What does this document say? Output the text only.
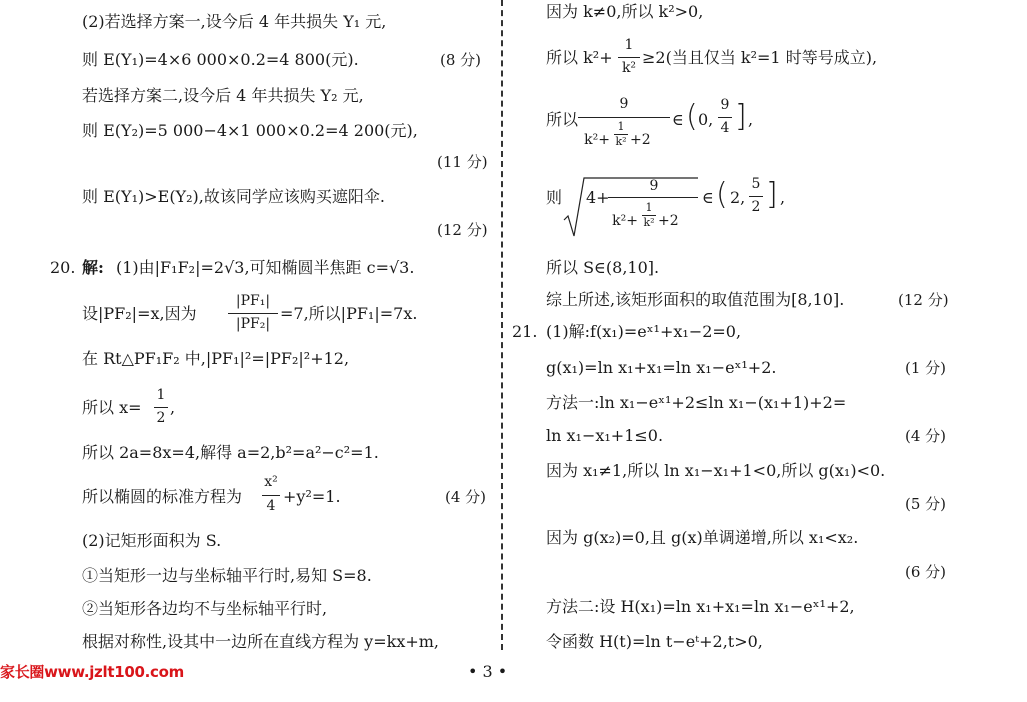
(2)若选择方案一,设今后 4 年共损失 Y₁ 元,
则 E(Y₁)=4×6 000×0.2=4 800(元).	(8 分)
若选择方案二,设今后 4 年共损失 Y₂ 元,
则 E(Y₂)=5 000−4×1 000×0.2=4 200(元),
(11 分)
则 E(Y₁)>E(Y₂),故该同学应该购买遮阳伞.
(12 分)
20. 解: (1)由|F₁F₂|=2√3,可知椭圆半焦距 c=√3.
设|PF₂|=x,因为
|PF₁|
|PF₂|
=7,所以|PF₁|=7x.
在 Rt△PF₁F₂ 中,|PF₁|²=|PF₂|²+12,
所以 x=
1
2
,
所以 2a=8x=4,解得 a=2,b²=a²−c²=1.
所以椭圆的标准方程为
x²
4 +y²=1.	(4 分)
(2)记矩形面积为 S.
①当矩形一边与坐标轴平行时,易知 S=8.
②当矩形各边均不与坐标轴平行时,
根据对称性,设其中一边所在直线方程为 y=kx+m,
因为 k≠0,所以 k²>0,
所以 k²+
1
k²
≥2(当且仅当 k²=1 时等号成立),
所以
9
k²+
1
k² +2
∈ ( 0,
9
4 ] ,
则 4+
9
k²+
1
k² +2
∈ ( 2,
5
2 ] ,
所以 S∈(8,10].
综上所述,该矩形面积的取值范围为[8,10].	(12 分)
21. (1)解:f(x₁)=eˣ¹+x₁−2=0,
g(x₁)=ln x₁+x₁=ln x₁−eˣ¹+2.	(1 分)
方法一:ln x₁−eˣ¹+2≤ln x₁−(x₁+1)+2=
ln x₁−x₁+1≤0.	(4 分)
因为 x₁≠1,所以 ln x₁−x₁+1<0,所以 g(x₁)<0.
(5 分)
因为 g(x₂)=0,且 g(x)单调递增,所以 x₁<x₂.
(6 分)
方法二:设 H(x₁)=ln x₁+x₁=ln x₁−eˣ¹+2,
令函数 H(t)=ln t−eᵗ+2,t>0,
家长圈www.jzlt100.com	• 3 •
